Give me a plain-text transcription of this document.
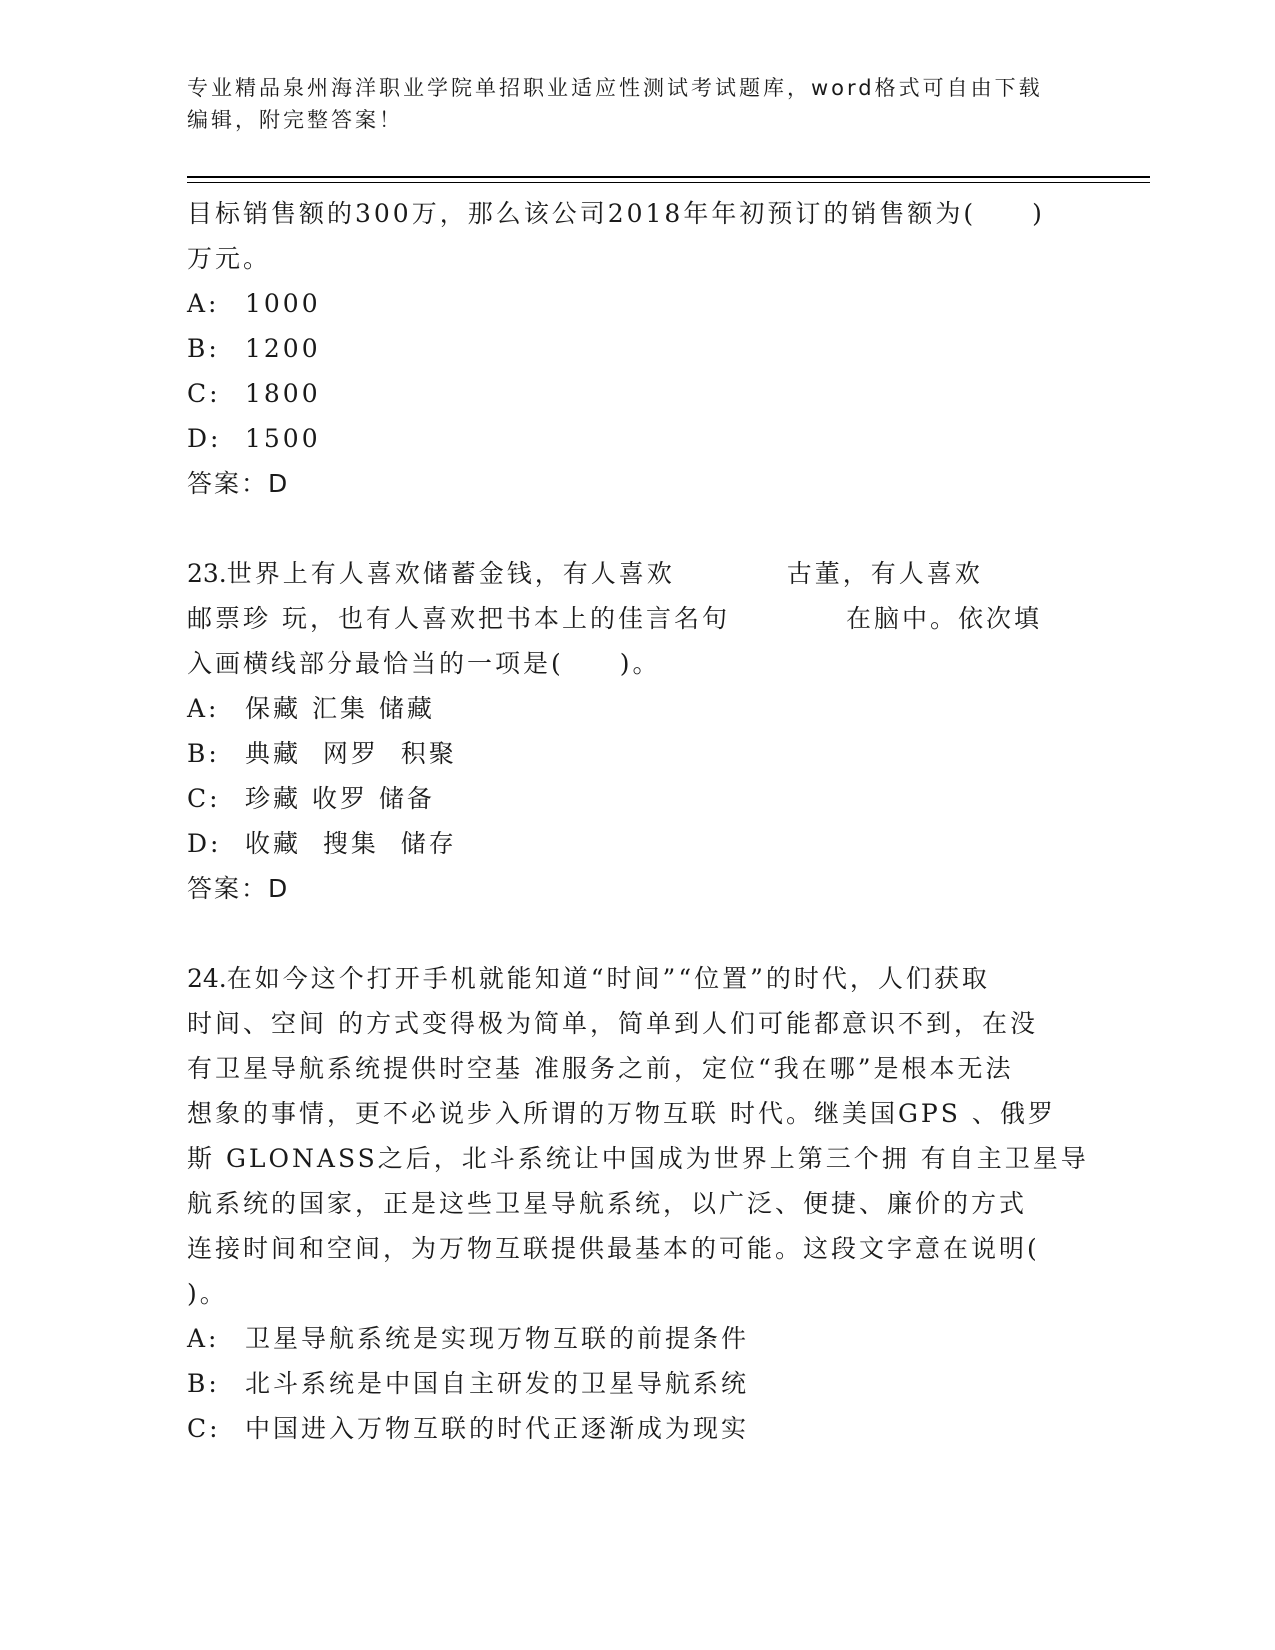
专业精品泉州海洋职业学院单招职业适应性测试考试题库，word格式可自由下载

编辑，附完整答案！

目标销售额的300万，那么该公司2018年年初预订的销售额为(　　)
万元。
A: 1000
B: 1200
C: 1800
D: 1500
答案：D
23.世界上有人喜欢储蓄金钱，有人喜欢	古董，有人喜欢
邮票珍 玩，也有人喜欢把书本上的佳言名句	在脑中。依次填
入画横线部分最恰当的一项是(　　)。
A: 保藏 汇集 储藏
B: 典藏  网罗  积聚
C: 珍藏 收罗 储备
D: 收藏  搜集  储存
答案：D
24.在如今这个打开手机就能知道“时间”“位置”的时代，人们获取
时间、空间 的方式变得极为简单，简单到人们可能都意识不到，在没
有卫星导航系统提供时空基 准服务之前，定位“我在哪”是根本无法
想象的事情，更不必说步入所谓的万物互联 时代。继美国GPS 、俄罗
斯 GLONASS之后，北斗系统让中国成为世界上第三个拥 有自主卫星导
航系统的国家，正是这些卫星导航系统，以广泛、便捷、廉价的方式
连接时间和空间，为万物互联提供最基本的可能。这段文字意在说明(
)。
A: 卫星导航系统是实现万物互联的前提条件
B: 北斗系统是中国自主研发的卫星导航系统
C: 中国进入万物互联的时代正逐渐成为现实
